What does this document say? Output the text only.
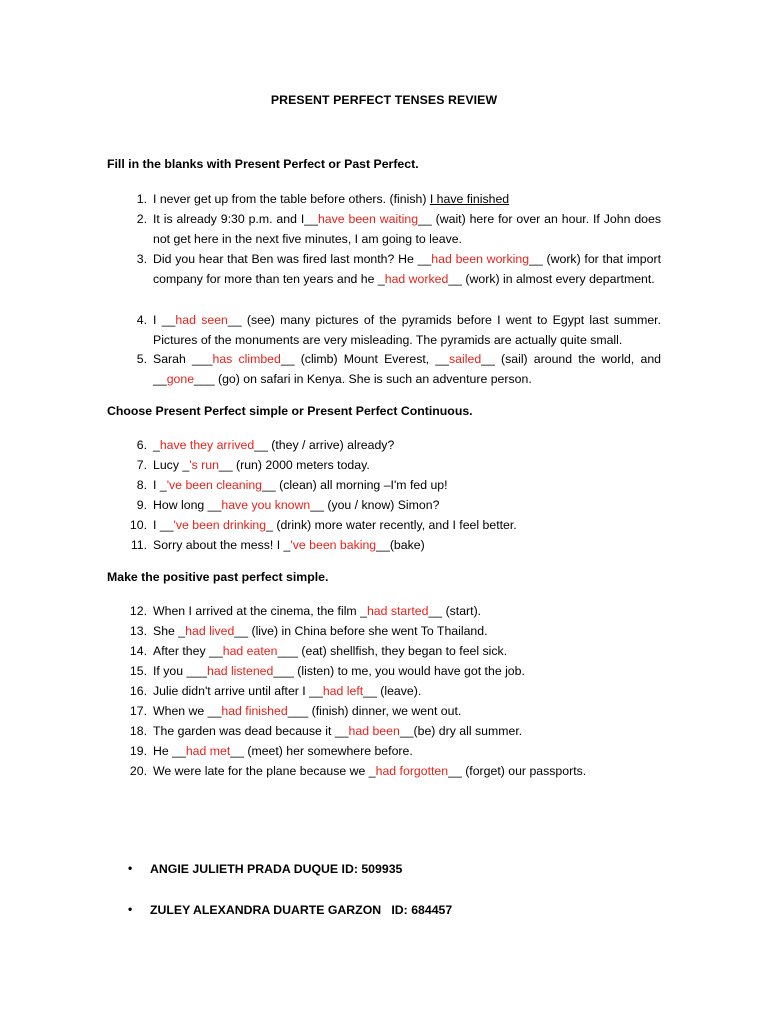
PRESENT PERFECT TENSES REVIEW
Fill in the blanks with Present Perfect or Past Perfect.
1. I never get up from the table before others. (finish) I have finished
2. It is already 9:30 p.m. and I__have been waiting__ (wait) here for over an hour. If John does not get here in the next five minutes, I am going to leave.
3. Did you hear that Ben was fired last month? He __had been working__ (work) for that import company for more than ten years and he _had worked__ (work) in almost every department.
4. I __had seen__ (see) many pictures of the pyramids before I went to Egypt last summer. Pictures of the monuments are very misleading. The pyramids are actually quite small.
5. Sarah ___has climbed__ (climb) Mount Everest, __sailed__ (sail) around the world, and __gone___ (go) on safari in Kenya. She is such an adventure person.
Choose Present Perfect simple or Present Perfect Continuous.
6. _have they arrived__ (they / arrive) already?
7. Lucy _'s run__ (run) 2000 meters today.
8. I _'ve been cleaning__ (clean) all morning –I'm fed up!
9. How long __have you known__ (you / know) Simon?
10. I __'ve been drinking_ (drink) more water recently, and I feel better.
11. Sorry about the mess! I _'ve been baking__(bake)
Make the positive past perfect simple.
12. When I arrived at the cinema, the film _had started__ (start).
13. She _had lived__ (live) in China before she went To Thailand.
14. After they __had eaten___ (eat) shellfish, they began to feel sick.
15. If you ___had listened___ (listen) to me, you would have got the job.
16. Julie didn't arrive until after I __had left__ (leave).
17. When we __had finished___ (finish) dinner, we went out.
18. The garden was dead because it __had been__(be) dry all summer.
19. He __had met__ (meet) her somewhere before.
20. We were late for the plane because we _had forgotten__ (forget) our passports.
•	ANGIE JULIETH PRADA DUQUE ID: 509935
•	ZULEY ALEXANDRA DUARTE GARZON   ID: 684457
